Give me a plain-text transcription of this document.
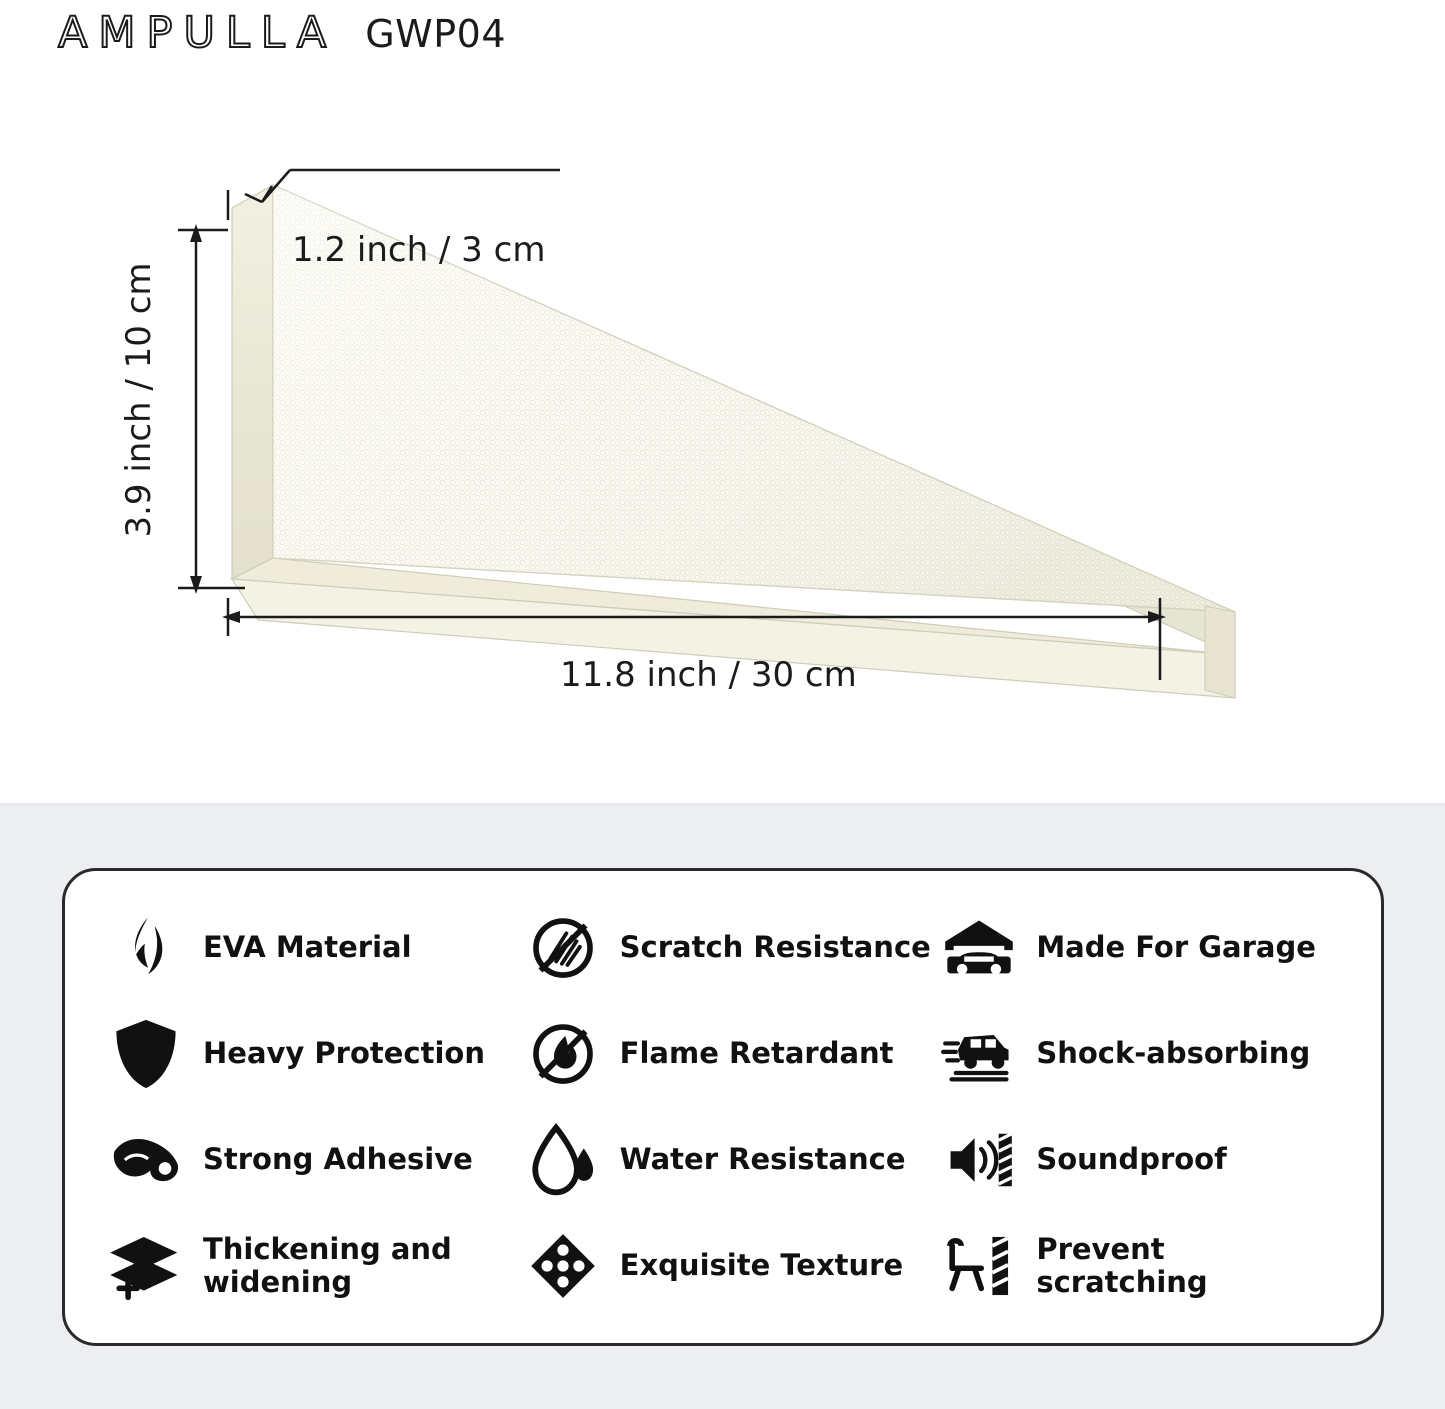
AMPULLA GWP04
1.2 inch / 3 cm
3.9 inch / 10 cm
11.8 inch / 30 cm
EVA Material	Scratch Resistance	Made For Garage
Heavy Protection	Flame Retardant	Shock-absorbing
Strong Adhesive	Water Resistance	Soundproof
Thickening and widening	Exquisite Texture	Prevent scratching
